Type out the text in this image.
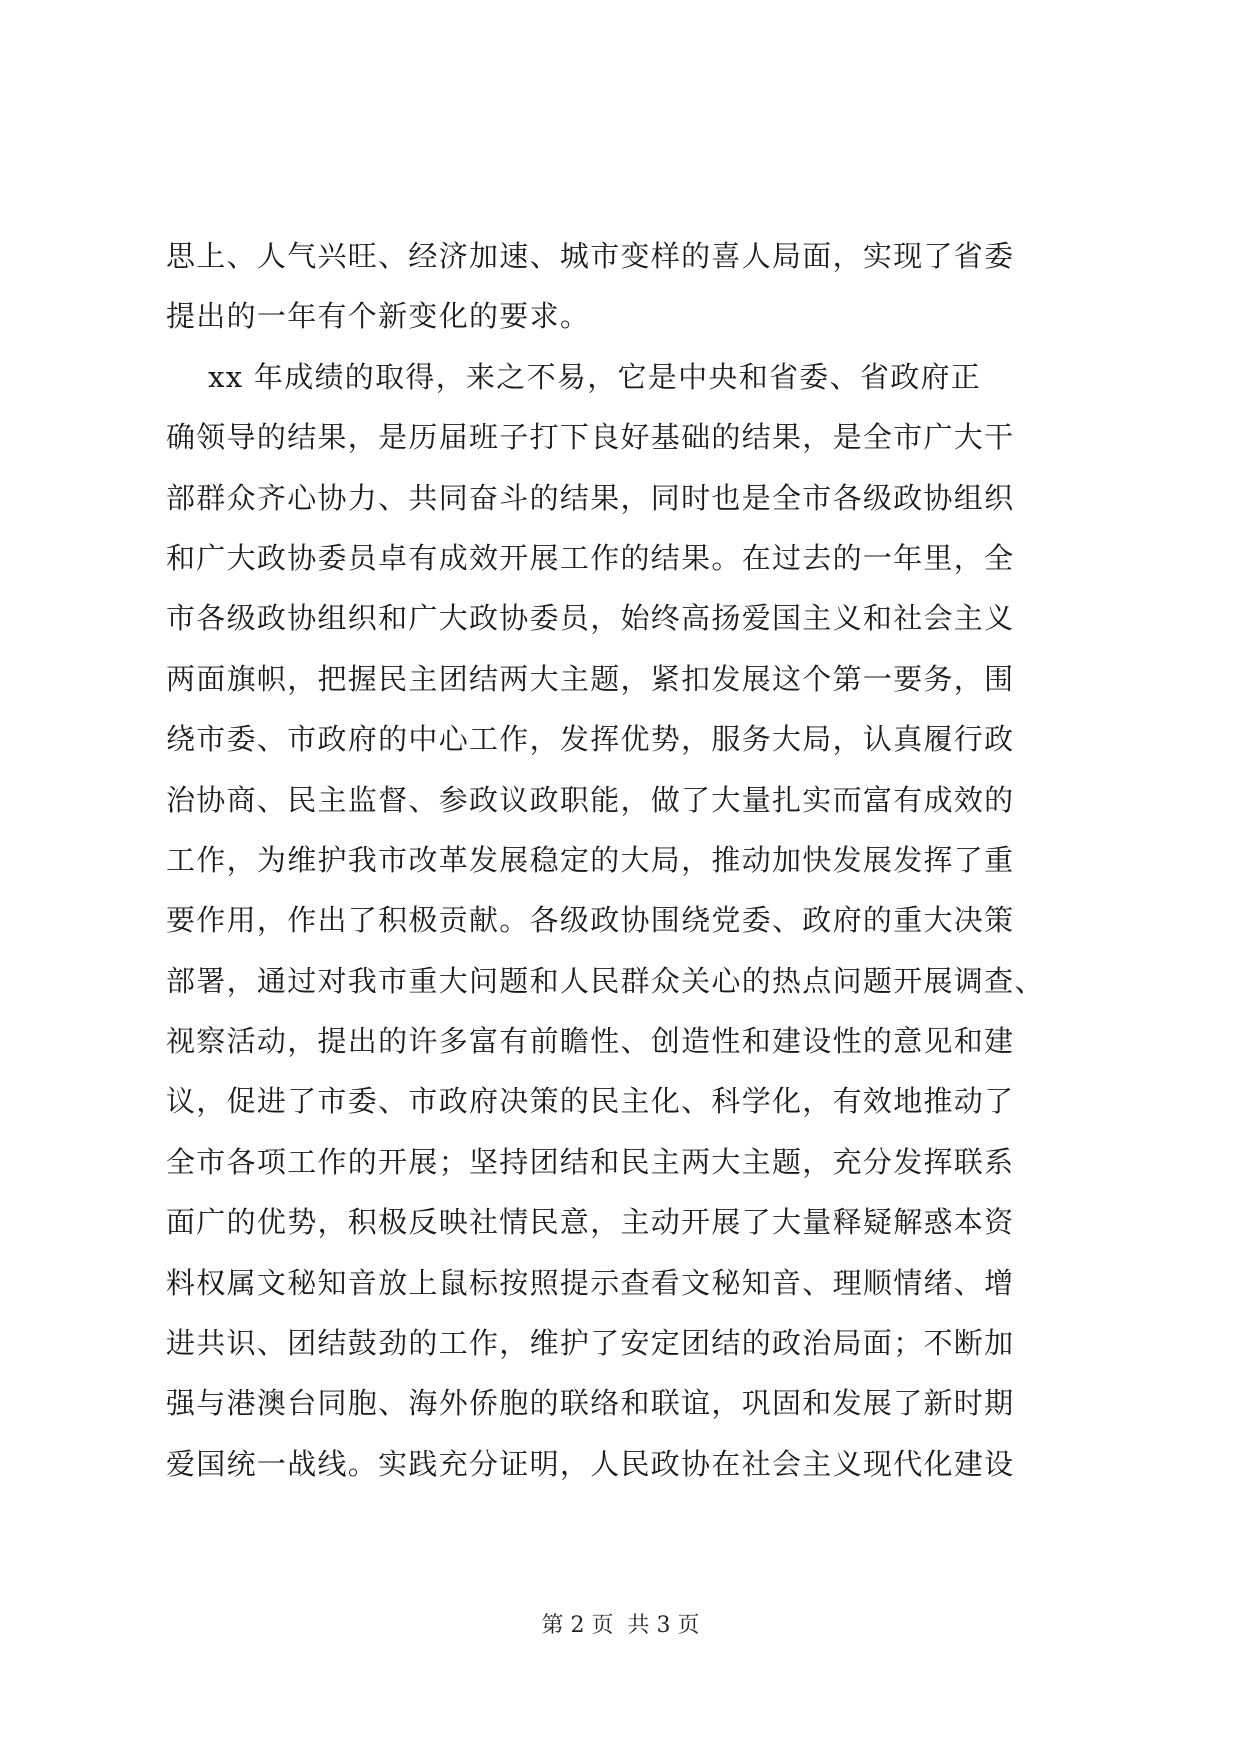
思上、人气兴旺、经济加速、城市变样的喜人局面，实现了省委
提出的一年有个新变化的要求。
xx 年成绩的取得，来之不易，它是中央和省委、省政府正
确领导的结果，是历届班子打下良好基础的结果，是全市广大干
部群众齐心协力、共同奋斗的结果，同时也是全市各级政协组织
和广大政协委员卓有成效开展工作的结果。在过去的一年里，全
市各级政协组织和广大政协委员，始终高扬爱国主义和社会主义
两面旗帜，把握民主团结两大主题，紧扣发展这个第一要务，围
绕市委、市政府的中心工作，发挥优势，服务大局，认真履行政
治协商、民主监督、参政议政职能，做了大量扎实而富有成效的
工作，为维护我市改革发展稳定的大局，推动加快发展发挥了重
要作用，作出了积极贡献。各级政协围绕党委、政府的重大决策
部署，通过对我市重大问题和人民群众关心的热点问题开展调查、
视察活动，提出的许多富有前瞻性、创造性和建设性的意见和建
议，促进了市委、市政府决策的民主化、科学化，有效地推动了
全市各项工作的开展；坚持团结和民主两大主题，充分发挥联系
面广的优势，积极反映社情民意，主动开展了大量释疑解惑本资
料权属文秘知音放上鼠标按照提示查看文秘知音、理顺情绪、增
进共识、团结鼓劲的工作，维护了安定团结的政治局面；不断加
强与港澳台同胞、海外侨胞的联络和联谊，巩固和发展了新时期
爱国统一战线。实践充分证明，人民政协在社会主义现代化建设
第 2 页  共 3 页
